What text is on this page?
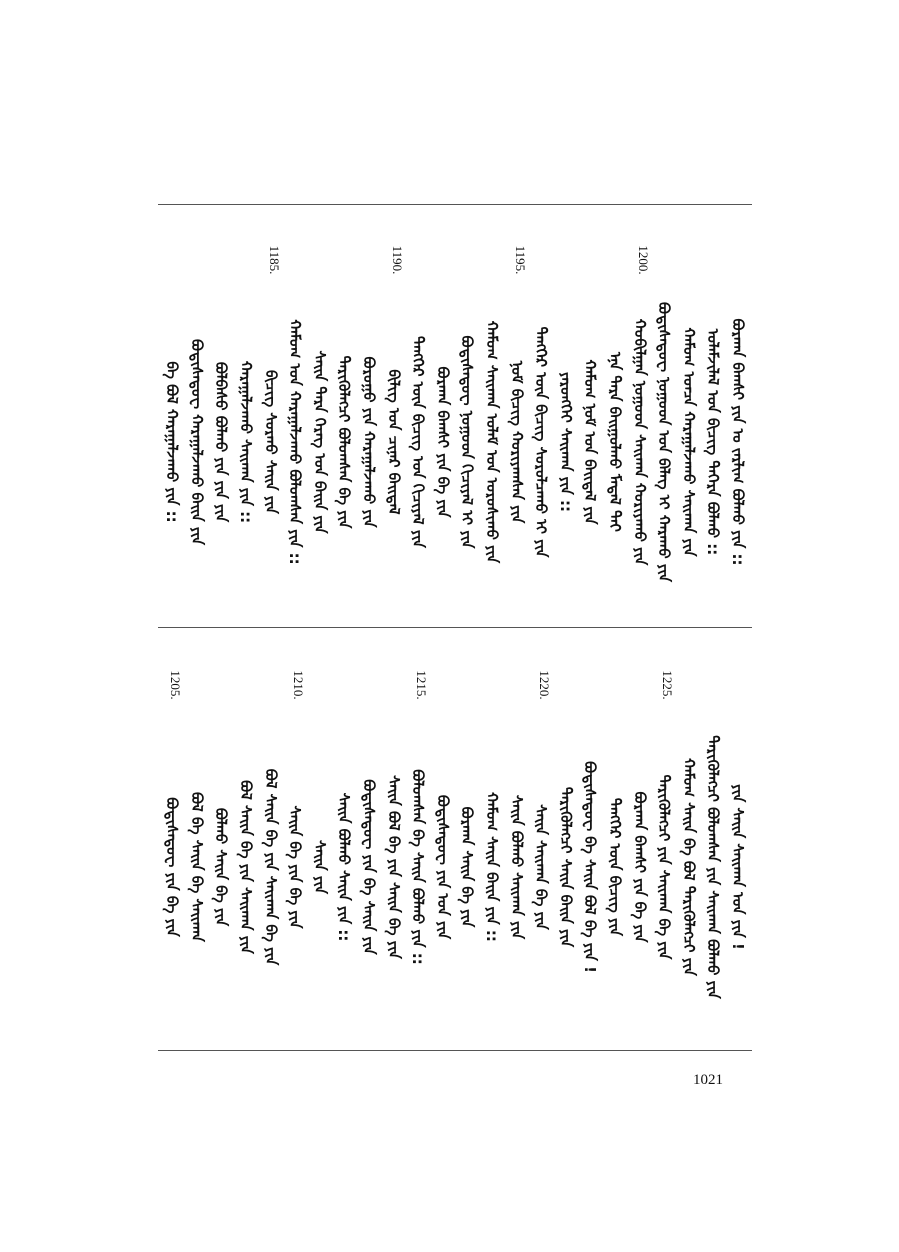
ᠪᠤᠷᠬᠠᠨ ᠪᠠᠭᠰᠢ ᠶᠢᠨ ᠤ ᠵᠠᠷᠯᠢᠭ ᠪᠣᠯᠬᠤ ᠶᠢᠨ ::
ᠤᠯᠠᠮᠵᠢᠯᠠᠯ ᠤᠨ ᠪᠢᠴᠢᠭ ᠳᠡᠭᠡᠷᠡ ᠪᠣᠯᠬᠤ ::
ᠬᠠᠮᠤᠭ ᠣᠨᠴᠠ ᠬᠠᠷᠠᠭᠠᠯᠵᠠᠬᠤ ᠰᠠᠢᠬᠠᠨ ᠶᠢᠨ
ᠪᠣᠳᠢᠰᠠᠳᠤᠸ ᠨᠤᠭᠤᠳ ᠤᠨ ᠪᠡᠯᠡᠭ ᠢ ᠬᠠᠷᠠᠬᠤ ᠶᠢᠨ
1200.
ᠬᠤᠪᠢᠯᠭᠠᠨ ᠨᠤᠭᠤᠳ ᠰᠠᠢᠬᠠᠨ ᠬᠤᠷᠢᠶᠠᠬᠤ ᠶᠢᠨ
ᠡᠨᠡ ᠲᠡᠷᠡ ᠪᠠᠢᠭᠤᠯᠬᠤ ᠮᠡᠳᠡᠯ ᠲᠡᠢ
ᠬᠠᠮᠤᠭ ᠨᠣᠮ ᠤᠨ ᠪᠠᠢᠳᠠᠯ ᠶᠢᠨ
ᠶᠡᠷᠦᠩᠬᠡᠢ ᠰᠠᠢᠬᠠᠨ ᠶᠢᠨ ::
ᠲᠡᠩᠭᠡᠷ ᠦᠨ ᠪᠢᠴᠢᠭ ᠰᠤᠷᠤᠯᠴᠠᠬᠤ ᠢ ᠶᠢᠨ
1195.
ᠨᠣᠮ ᠪᠢᠴᠢᠭ ᠬᠤᠷᠢᠶᠠᠭᠰᠠᠨ ᠶᠢᠨ
ᠬᠠᠮᠤᠭ ᠰᠠᠢᠬᠠᠨ ᠤᠯᠠᠮ ᠤᠨ ᠤᠷᠤᠰᠢᠬᠤ ᠶᠢᠨ
ᠪᠣᠳᠢᠰᠠᠳᠤᠸ ᠨᠤᠭᠤᠳ ᠬᠢᠴᠢᠶᠡᠯ ᠢ ᠶᠢᠨ
ᠪᠤᠷᠬᠠᠨ ᠪᠠᠭᠰᠢ ᠶᠢᠨ ᠪᠠ ᠶᠢᠨ
ᠲᠡᠩᠭᠡᠷ ᠦᠨ ᠪᠢᠴᠢᠭ ᠤᠨ ᠬᠢᠴᠢᠶᠡᠯ ᠶᠢᠨ
1190.
ᠪᠢᠯᠢᠭ ᠤᠨ ᠴᠢᠨᠠᠷ ᠪᠠᠢᠳᠠᠯ
ᠪᠣᠷᠣᠭᠣ ᠶᠢᠨ ᠬᠠᠷᠠᠭᠠᠯᠵᠠᠬᠤ ᠶᠢᠨ
ᠲᠡᠷᠢᠭᠦᠯᠡᠭᠴᠢ ᠪᠣᠯᠤᠭᠰᠠᠨ ᠪᠠ ᠶᠢᠨ
ᠰᠠᠢᠨ ᠲᠡᠷᠡ ᠬᠡᠷᠡᠭ ᠤᠨ ᠪᠠᠢᠨ ᠶᠢᠨ
ᠬᠠᠮᠤᠭ ᠤᠨ ᠬᠠᠷᠠᠭᠠᠯᠵᠠᠬᠤ ᠪᠣᠯᠤᠭᠰᠠᠨ ᠶᠢᠨ ::
1185.
ᠪᠢᠴᠢᠭ ᠰᠤᠷᠬᠤ ᠰᠠᠢᠨ ᠶᠢᠨ
ᠬᠠᠷᠠᠭᠠᠯᠵᠠᠬᠤ ᠰᠠᠢᠬᠠᠨ ᠶᠢᠨ ::
ᠪᠣᠯᠪᠠᠰᠤ ᠪᠣᠯᠬᠤ ᠶᠢᠨ ᠶᠢᠨ ᠶᠢᠨ
ᠪᠣᠳᠢᠰᠠᠳᠤᠸ ᠬᠠᠷᠠᠭᠠᠯᠵᠠᠬᠤ ᠪᠠᠢᠨ ᠶᠢᠨ
ᠪᠠ ᠪᠣᠯ ᠬᠠᠷᠠᠭᠠᠯᠵᠠᠬᠤ ᠶᠢᠨ ::
ᠶᠢᠨ ᠰᠠᠢᠨ ᠰᠠᠢᠬᠠᠨ ᠤᠨ ᠶᠢᠨ !
ᠲᠡᠷᠢᠭᠦᠯᠡᠭᠴᠢ ᠪᠣᠯᠤᠭᠰᠠᠨ ᠶᠢᠨ ᠰᠠᠢᠬᠠᠨ ᠪᠣᠯᠬᠤ ᠶᠢᠨ
ᠬᠠᠮᠤᠭ ᠰᠠᠢᠨ ᠪᠠ ᠪᠣᠯ ᠲᠡᠷᠢᠭᠦᠯᠡᠭᠴᠢ ᠶᠢᠨ
1225.
ᠲᠡᠷᠢᠭᠦᠯᠡᠭᠴᠢ ᠶᠢᠨ ᠰᠠᠢᠬᠠᠨ ᠪᠠ ᠶᠢᠨ
ᠪᠤᠷᠬᠠᠨ ᠪᠠᠭᠰᠢ ᠶᠢᠨ ᠪᠠ ᠶᠢᠨ
ᠲᠡᠩᠭᠡᠷ ᠦᠨ ᠪᠢᠴᠢᠭ ᠶᠢᠨ
ᠪᠣᠳᠢᠰᠠᠳᠤᠸ ᠪᠠ ᠰᠠᠢᠨ ᠪᠣᠯ ᠪᠠ ᠶᠢᠨ !
ᠲᠡᠷᠢᠭᠦᠯᠡᠭᠴᠢ ᠰᠠᠢᠨ ᠪᠠᠢᠨ ᠶᠢᠨ
1220.
ᠰᠠᠢᠨ ᠰᠠᠢᠬᠠᠨ ᠪᠠ ᠶᠢᠨ
ᠰᠠᠢᠨ ᠪᠣᠯᠬᠤ ᠰᠠᠢᠬᠠᠨ ᠶᠢᠨ
ᠬᠠᠮᠤᠭ ᠰᠠᠢᠨ ᠪᠠᠢᠨ ᠶᠢᠨ ::
ᠪᠤᠷᠬᠠᠨ ᠰᠠᠢᠨ ᠪᠠ ᠶᠢᠨ
ᠪᠣᠳᠢᠰᠠᠳᠤᠸ ᠶᠢᠨ ᠤᠨ ᠶᠢᠨ
1215.
ᠪᠣᠯᠤᠭᠰᠠᠨ ᠪᠠ ᠰᠠᠢᠨ ᠪᠣᠯᠬᠤ ᠶᠢᠨ ::
ᠰᠠᠢᠨ ᠪᠣᠯ ᠪᠠ ᠶᠢᠨ ᠰᠠᠢᠨ ᠪᠠ ᠶᠢᠨ
ᠪᠣᠳᠢᠰᠠᠳᠤᠸ ᠶᠢᠨ ᠪᠠ ᠰᠠᠢᠨ ᠶᠢᠨ
ᠰᠠᠢᠨ ᠪᠣᠯᠬᠤ ᠰᠠᠢᠨ ᠶᠢᠨ ::
ᠰᠠᠢᠨ ᠶᠢᠨ
1210.
ᠰᠠᠢᠨ ᠪᠠ ᠶᠢᠨ ᠪᠠ ᠶᠢᠨ
ᠪᠣᠯ ᠰᠠᠢᠨ ᠪᠠ ᠶᠢᠨ ᠰᠠᠢᠬᠠᠨ ᠪᠠ ᠶᠢᠨ
ᠪᠣᠯ ᠰᠠᠢᠨ ᠪᠠ ᠶᠢᠨ ᠰᠠᠢᠬᠠᠨ ᠶᠢᠨ
ᠪᠣᠯᠬᠤ ᠰᠠᠢᠨ ᠪᠠ ᠶᠢᠨ
ᠪᠣᠯ ᠪᠠ ᠰᠠᠢᠨ ᠪᠠ ᠰᠠᠢᠬᠠᠨ
1205.
ᠪᠣᠳᠢᠰᠠᠳᠤᠸ ᠶᠢᠨ ᠪᠠ ᠶᠢᠨ
1021
